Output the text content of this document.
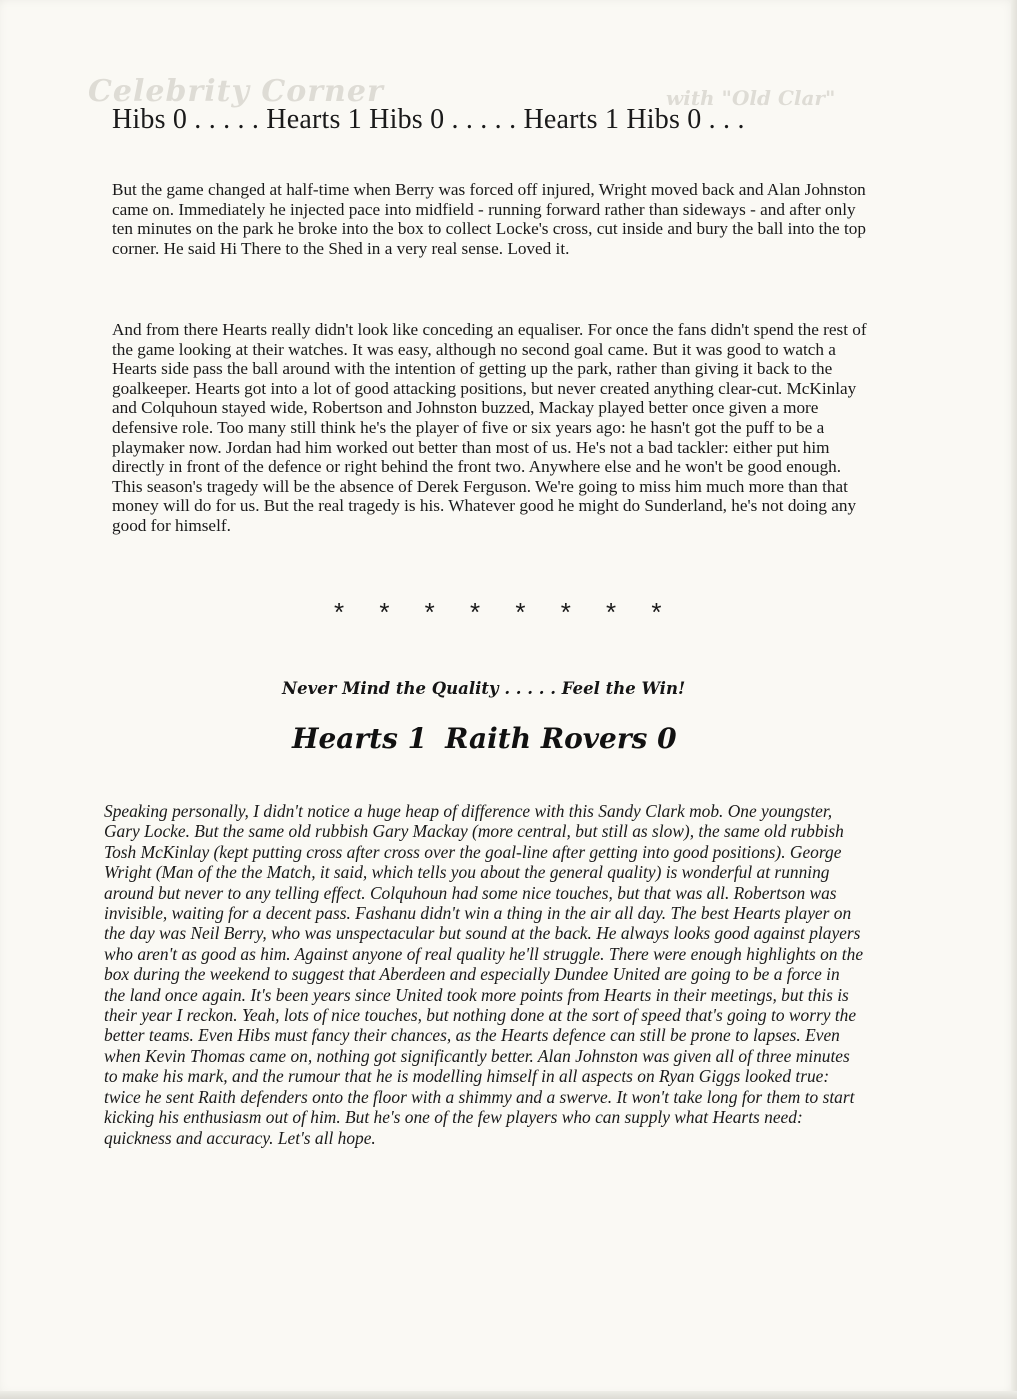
Celebrity Corner	with "Old Clar"
Hibs 0 . . . . . Hearts 1 Hibs 0 . . . . . Hearts 1 Hibs 0 . . .

But the game changed at half-time when Berry was forced off injured, Wright moved back and Alan Johnston came on. Immediately he injected pace into midfield - running forward rather than sideways - and after only ten minutes on the park he broke into the box to collect Locke's cross, cut inside and bury the ball into the top corner. He said Hi There to the Shed in a very real sense. Loved it.

And from there Hearts really didn't look like conceding an equaliser. For once the fans didn't spend the rest of the game looking at their watches. It was easy, although no second goal came. But it was good to watch a Hearts side pass the ball around with the intention of getting up the park, rather than giving it back to the goalkeeper. Hearts got into a lot of good attacking positions, but never created anything clear-cut. McKinlay and Colquhoun stayed wide, Robertson and Johnston buzzed, Mackay played better once given a more defensive role. Too many still think he's the player of five or six years ago: he hasn't got the puff to be a playmaker now. Jordan had him worked out better than most of us. He's not a bad tackler: either put him directly in front of the defence or right behind the front two. Anywhere else and he won't be good enough. This season's tragedy will be the absence of Derek Ferguson. We're going to miss him much more than that money will do for us. But the real tragedy is his. Whatever good he might do Sunderland, he's not doing any good for himself.

* * * * * * * *
Never Mind the Quality . . . . . Feel the Win!
Hearts 1 Raith Rovers 0

Speaking personally, I didn't notice a huge heap of difference with this Sandy Clark mob. One youngster, Gary Locke. But the same old rubbish Gary Mackay (more central, but still as slow), the same old rubbish Tosh McKinlay (kept putting cross after cross over the goal-line after getting into good positions). George Wright (Man of the the Match, it said, which tells you about the general quality) is wonderful at running around but never to any telling effect. Colquhoun had some nice touches, but that was all. Robertson was invisible, waiting for a decent pass. Fashanu didn't win a thing in the air all day. The best Hearts player on the day was Neil Berry, who was unspectacular but sound at the back. He always looks good against players who aren't as good as him. Against anyone of real quality he'll struggle. There were enough highlights on the box during the weekend to suggest that Aberdeen and especially Dundee United are going to be a force in the land once again. It's been years since United took more points from Hearts in their meetings, but this is their year I reckon. Yeah, lots of nice touches, but nothing done at the sort of speed that's going to worry the better teams. Even Hibs must fancy their chances, as the Hearts defence can still be prone to lapses. Even when Kevin Thomas came on, nothing got significantly better. Alan Johnston was given all of three minutes to make his mark, and the rumour that he is modelling himself in all aspects on Ryan Giggs looked true: twice he sent Raith defenders onto the floor with a shimmy and a swerve. It won't take long for them to start kicking his enthusiasm out of him. But he's one of the few players who can supply what Hearts need: quickness and accuracy. Let's all hope.
